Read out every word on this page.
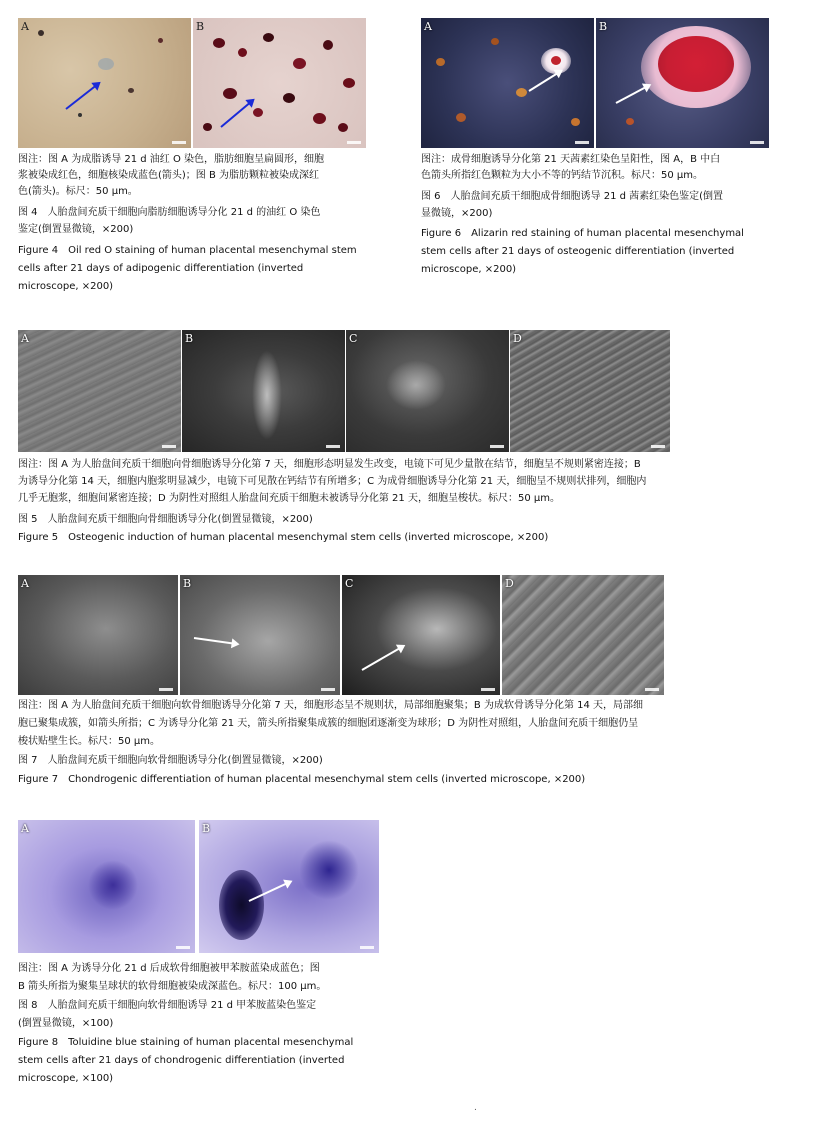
A	B

图注：图 A 为成脂诱导 21 d 油红 O 染色，脂肪细胞呈扁圆形，细胞

浆被染成红色，细胞核染成蓝色(箭头)；图 B 为脂肪颗粒被染成深红

色(箭头)。标尺：50 μm。

图 4　人胎盘间充质干细胞向脂肪细胞诱导分化 21 d 的油红 O 染色

鉴定(倒置显微镜，×200)

Figure 4　Oil red O staining of human placental mesenchymal stem

cells after 21 days of adipogenic differentiation (inverted

microscope, ×200)

A	B

图注：成骨细胞诱导分化第 21 天茜素红染色呈阳性，图 A，B 中白

色箭头所指红色颗粒为大小不等的钙结节沉积。标尺：50 μm。

图 6　人胎盘间充质干细胞成骨细胞诱导 21 d 茜素红染色鉴定(倒置

显微镜，×200)

Figure 6　Alizarin red staining of human placental mesenchymal

stem cells after 21 days of osteogenic differentiation (inverted

microscope, ×200)

A	B	C	D

图注：图 A 为人胎盘间充质干细胞向骨细胞诱导分化第 7 天，细胞形态明显发生改变，电镜下可见少量散在结节，细胞呈不规则紧密连接；B

为诱导分化第 14 天，细胞内胞浆明显减少，电镜下可见散在钙结节有所增多；C 为成骨细胞诱导分化第 21 天，细胞呈不规则状排列，细胞内

几乎无胞浆，细胞间紧密连接；D 为阴性对照组人胎盘间充质干细胞未被诱导分化第 21 天，细胞呈梭状。标尺：50 μm。

图 5　人胎盘间充质干细胞向骨细胞诱导分化(倒置显微镜，×200)

Figure 5　Osteogenic induction of human placental mesenchymal stem cells (inverted microscope, ×200)

A	B	C	D

图注：图 A 为人胎盘间充质干细胞向软骨细胞诱导分化第 7 天，细胞形态呈不规则状，局部细胞聚集；B 为成软骨诱导分化第 14 天，局部细

胞已聚集成簇，如箭头所指；C 为诱导分化第 21 天，箭头所指聚集成簇的细胞团逐渐变为球形；D 为阴性对照组，人胎盘间充质干细胞仍呈

梭状贴壁生长。标尺：50 μm。

图 7　人胎盘间充质干细胞向软骨细胞诱导分化(倒置显微镜，×200)

Figure 7　Chondrogenic differentiation of human placental mesenchymal stem cells (inverted microscope, ×200)

A	B

图注：图 A 为诱导分化 21 d 后成软骨细胞被甲苯胺蓝染成蓝色；图

B 箭头所指为聚集呈球状的软骨细胞被染成深蓝色。标尺：100 μm。

图 8　人胎盘间充质干细胞向软骨细胞诱导 21 d 甲苯胺蓝染色鉴定

(倒置显微镜，×100)

Figure 8　Toluidine blue staining of human placental mesenchymal

stem cells after 21 days of chondrogenic differentiation (inverted

microscope, ×100)

.
